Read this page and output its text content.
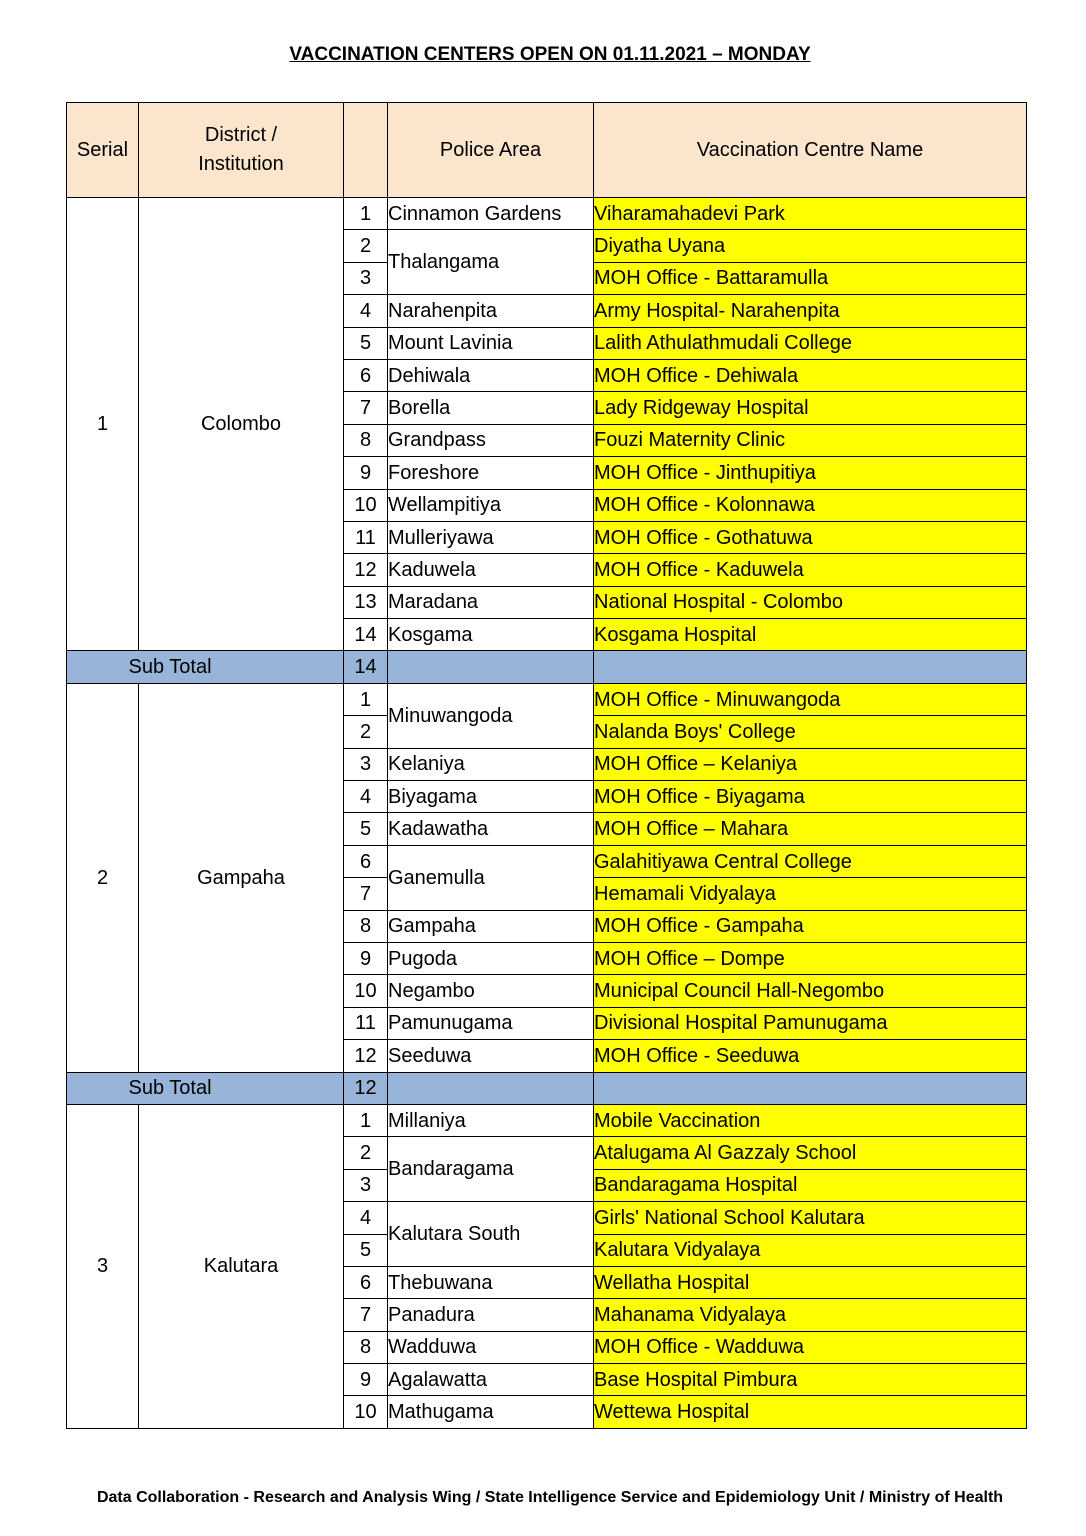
VACCINATION CENTERS OPEN ON 01.11.2021 – MONDAY
Serial	District / Institution		Police Area	Vaccination Centre Name
1	Colombo	1	Cinnamon Gardens	Viharamahadevi Park
		2	Thalangama	Diyatha Uyana
		3		MOH Office - Battaramulla
		4	Narahenpita	Army Hospital- Narahenpita
		5	Mount Lavinia	Lalith Athulathmudali College
		6	Dehiwala	MOH Office - Dehiwala
		7	Borella	Lady Ridgeway Hospital
		8	Grandpass	Fouzi Maternity Clinic
		9	Foreshore	MOH Office - Jinthupitiya
		10	Wellampitiya	MOH Office - Kolonnawa
		11	Mulleriyawa	MOH Office - Gothatuwa
		12	Kaduwela	MOH Office - Kaduwela
		13	Maradana	National Hospital - Colombo
		14	Kosgama	Kosgama Hospital
Sub Total		14		
2	Gampaha	1	Minuwangoda	MOH Office - Minuwangoda
		2		Nalanda Boys' College
		3	Kelaniya	MOH Office – Kelaniya
		4	Biyagama	MOH Office - Biyagama
		5	Kadawatha	MOH Office – Mahara
		6	Ganemulla	Galahitiyawa Central College
		7		Hemamali Vidyalaya
		8	Gampaha	MOH Office - Gampaha
		9	Pugoda	MOH Office – Dompe
		10	Negambo	Municipal Council Hall-Negombo
		11	Pamunugama	Divisional Hospital Pamunugama
		12	Seeduwa	MOH Office - Seeduwa
Sub Total		12		
3	Kalutara	1	Millaniya	Mobile Vaccination
		2	Bandaragama	Atalugama Al Gazzaly School
		3		Bandaragama Hospital
		4	Kalutara South	Girls' National School Kalutara
		5		Kalutara Vidyalaya
		6	Thebuwana	Wellatha Hospital
		7	Panadura	Mahanama Vidyalaya
		8	Wadduwa	MOH Office - Wadduwa
		9	Agalawatta	Base Hospital Pimbura
		10	Mathugama	Wettewa Hospital
Data Collaboration - Research and Analysis Wing / State Intelligence Service and Epidemiology Unit / Ministry of Health
